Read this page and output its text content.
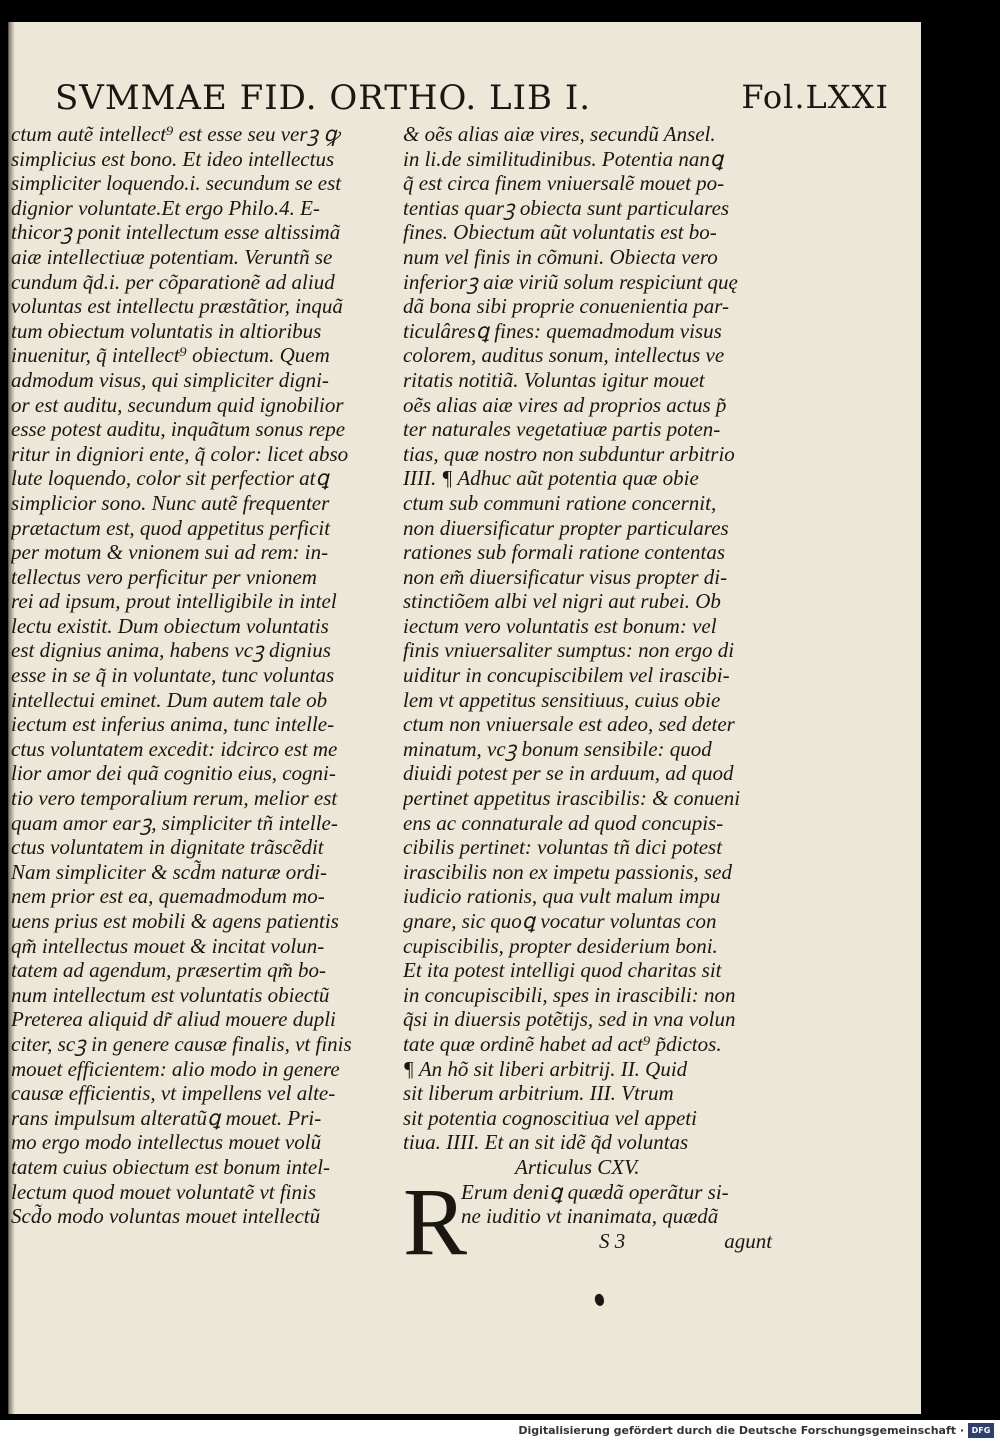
SVMMAE FID. ORTHO. LIB I.	Fol.LXXI
ctum autẽ intellect⁹ est esse seu verꝫ ꝙ
simplicius est bono. Et ideo intellectus
simpliciter loquendo.i. secundum se est
dignior voluntate.Et ergo Philo.4. E-
thicorꝫ ponit intellectum esse altissimã
aiæ intellectiuæ potentiam. Veruntñ se
cundum q̃d.i. per cõparationẽ ad aliud
voluntas est intellectu præstãtior, inquã
tum obiectum voluntatis in altioribus
inuenitur, q̃ intellect⁹ obiectum. Quem
admodum visus, qui simpliciter digni-
or est auditu, secundum quid ignobilior
esse potest auditu, inquãtum sonus repe
ritur in digniori ente, q̃ color: licet abso
lute loquendo, color sit perfectior atꝗ
simplicior sono. Nunc autẽ frequenter
prætactum est, quod appetitus perficit
per motum & vnionem sui ad rem: in-
tellectus vero perficitur per vnionem
rei ad ipsum, prout intelligibile in intel
lectu existit. Dum obiectum voluntatis
est dignius anima, habens vcꝫ dignius
esse in se q̃ in voluntate, tunc voluntas
intellectui eminet. Dum autem tale ob
iectum est inferius anima, tunc intelle-
ctus voluntatem excedit: idcirco est me
lior amor dei quã cognitio eius, cogni-
tio vero temporalium rerum, melior est
quam amor earꝫ, simpliciter tñ intelle-
ctus voluntatem in dignitate trãscẽdit
Nam simpliciter & scd̃m naturæ ordi-
nem prior est ea, quemadmodum mo-
uens prius est mobili & agens patientis
qm̃ intellectus mouet & incitat volun-
tatem ad agendum, præsertim qm̃ bo-
num intellectum est voluntatis obiectũ
Preterea aliquid dr̃ aliud mouere dupli
citer, scꝫ in genere causæ finalis, vt finis
mouet efficientem: alio modo in genere
causæ efficientis, vt impellens vel alte-
rans impulsum alteratũꝗ mouet. Pri-
mo ergo modo intellectus mouet volũ
tatem cuius obiectum est bonum intel-
lectum quod mouet voluntatẽ vt finis
Scd̃o modo voluntas mouet intellectũ
& oẽs alias aiæ vires, secundũ Ansel.
in li.de similitudinibus. Potentia nanꝗ
q̃ est circa finem vniuersalẽ mouet po-
tentias quarꝫ obiecta sunt particulares
fines. Obiectum aũt voluntatis est bo-
num vel finis in cõmuni. Obiecta vero
inferiorꝫ aiæ viriũ solum respiciunt quę
dã bona sibi proprie conuenientia par-
ticulâresꝗ fines: quemadmodum visus
colorem, auditus sonum, intellectus ve
ritatis notitiã. Voluntas igitur mouet
oẽs alias aiæ vires ad proprios actus p̃
ter naturales vegetatiuæ partis poten-
tias, quæ nostro non subduntur arbitrio
IIII. ¶ Adhuc aũt potentia quæ obie
ctum sub communi ratione concernit,
non diuersificatur propter particulares
rationes sub formali ratione contentas
non em̃ diuersificatur visus propter di-
stinctiõem albi vel nigri aut rubei. Ob
iectum vero voluntatis est bonum: vel
finis vniuersaliter sumptus: non ergo di
uiditur in concupiscibilem vel irascibi-
lem vt appetitus sensitiuus, cuius obie
ctum non vniuersale est adeo, sed deter
minatum, vcꝫ bonum sensibile: quod
diuidi potest per se in arduum, ad quod
pertinet appetitus irascibilis: & conueni
ens ac connaturale ad quod concupis-
cibilis pertinet: voluntas tñ dici potest
irascibilis non ex impetu passionis, sed
iudicio rationis, qua vult malum impu
gnare, sic quoꝗ vocatur voluntas con
cupiscibilis, propter desiderium boni.
Et ita potest intelligi quod charitas sit
in concupiscibili, spes in irascibili: non
q̃si in diuersis potẽtijs, sed in vna volun
tate quæ ordinẽ habet ad act⁹ p̃dictos.
¶ An hõ sit liberi arbitrij. II. Quid
sit liberum arbitrium. III. Vtrum
sit potentia cognoscitiua vel appeti
tiua. IIII. Et an sit idẽ q̃d voluntas
Articulus CXV.
R
Erum deniꝗ quædã operãtur si-
ne iuditio vt inanimata, quædã
S 3	agunt
Digitalisierung gefördert durch die Deutsche Forschungsgemeinschaft · DFG
